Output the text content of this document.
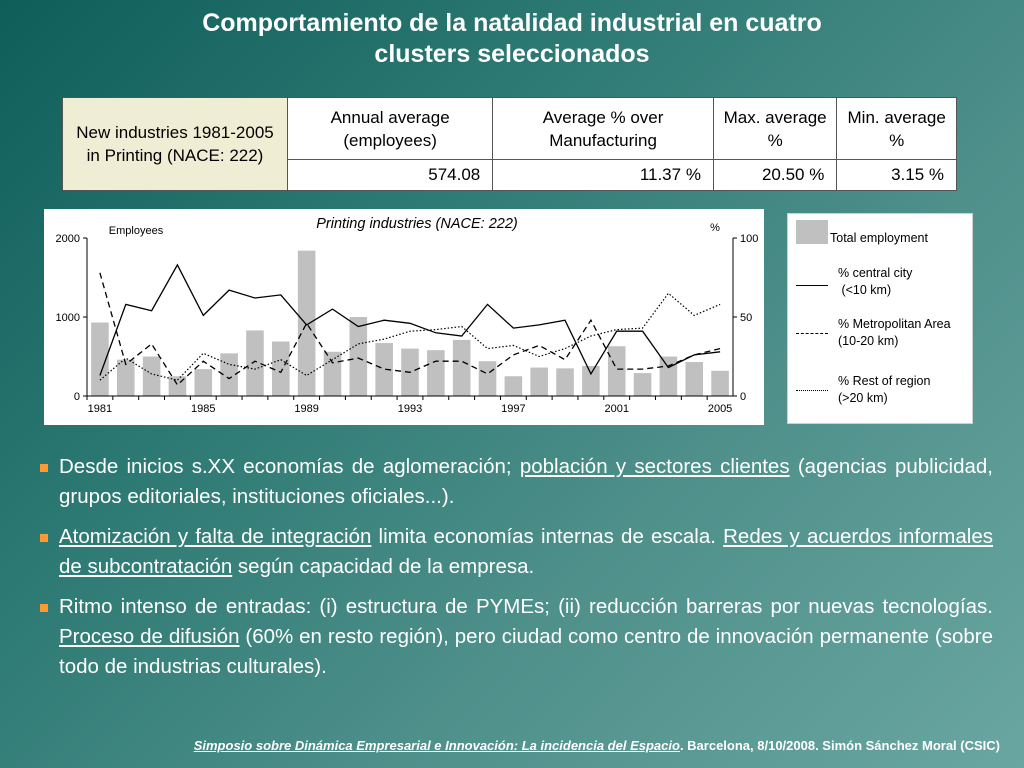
Comportamiento de la natalidad industrial en cuatro
clusters seleccionados
New industries 1981-2005 in Printing (NACE: 222)	Annual average (employees)	Average % over Manufacturing	Max. average %	Min. average %
	574.08	11.37 %	20.50 %	3.15 %
Printing industries (NACE: 222)
Employees	%
0
1000
2000
0
50
100
1981	1985	1989	1993	1997	2001	2005
Total employment
% central city
(<10 km)
% Metropolitan Area
(10-20 km)
% Rest of region
(>20 km)
Desde inicios s.XX economías de aglomeración; población y sectores clientes (agencias publicidad, grupos editoriales, instituciones oficiales...).
Atomización y falta de integración limita economías internas de escala. Redes y acuerdos informales de subcontratación según capacidad de la empresa.
Ritmo intenso de entradas: (i) estructura de PYMEs; (ii) reducción barreras por nuevas tecnologías. Proceso de difusión (60% en resto región), pero ciudad como centro de innovación permanente (sobre todo de industrias culturales).
Simposio sobre Dinámica Empresarial e Innovación: La incidencia del Espacio. Barcelona, 8/10/2008. Simón Sánchez Moral (CSIC)
